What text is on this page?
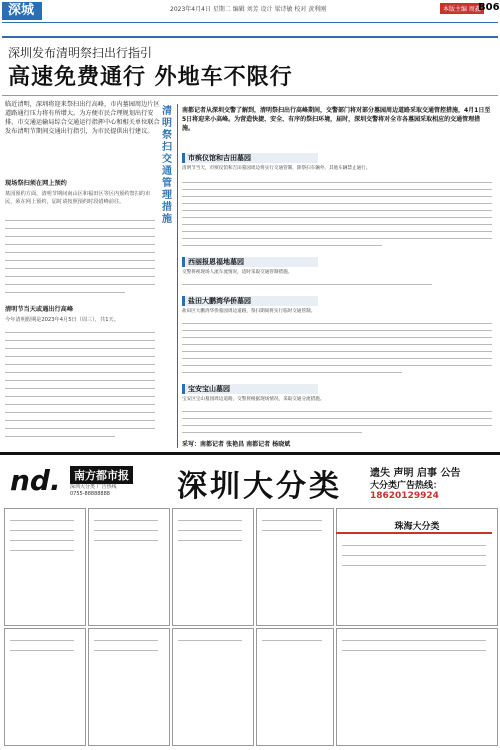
深城	2023年4月4日 星期二 编辑 刘芳 设计 梁诗敏 校对 黄利刚	本版主编 周鑫
B06
深圳发布清明祭扫出行指引
高速免费通行 外地车不限行
临近清明，深圳将迎来祭扫出行高峰，市内墓园周边片区道路通行压力将有所增大。为方便市民合理规划出行安排，市交通运输局综合交通运行指挥中心和相关单位联合发布清明节期间交通出行指引，为市民提供出行建议。
现场祭扫须在网上预约
墓园预约方面，清明节期间南山区和福田区等区内预约祭扫的市民，须在网上预约，届时请按照预约时段错峰前往。
清明节当天或遇出行高峰
今年清明假期是2023年4月5日（周三），共1天。
清明祭扫交通管理措施
南都记者从深圳交警了解到，清明祭扫出行高峰期间，交警部门将对部分墓园周边道路采取交通管控措施，4月1日至5日将迎来小高峰。为营造快捷、安全、有序的祭扫环境，届时，深圳交警将对全市各墓园采取相应的交通管理措施。
市殡仪馆和吉田墓园
清明节当天，市殡仪馆和吉田墓园周边将实行交通管制，除祭扫车辆外，其他车辆禁止通行。
西丽报恩福地墓园
交警将视现场人流车流情况，适时采取交通管制措施。
盐田大鹏湾华侨墓园
盐田区大鹏湾华侨墓园周边道路，祭扫期间将实行临时交通管制。
宝安宝山墓园
宝安区宝山墓园周边道路，交警将根据现场情况，采取交通分流措施。
采写：南都记者 张艳昌 南都记者 杨晓斌
nd.	南方都市报
深圳大分类 广告热线
0755-88888888 深圳大分类	遗失 声明 启事 公告
大分类广告热线：18620129924
珠海大分类
